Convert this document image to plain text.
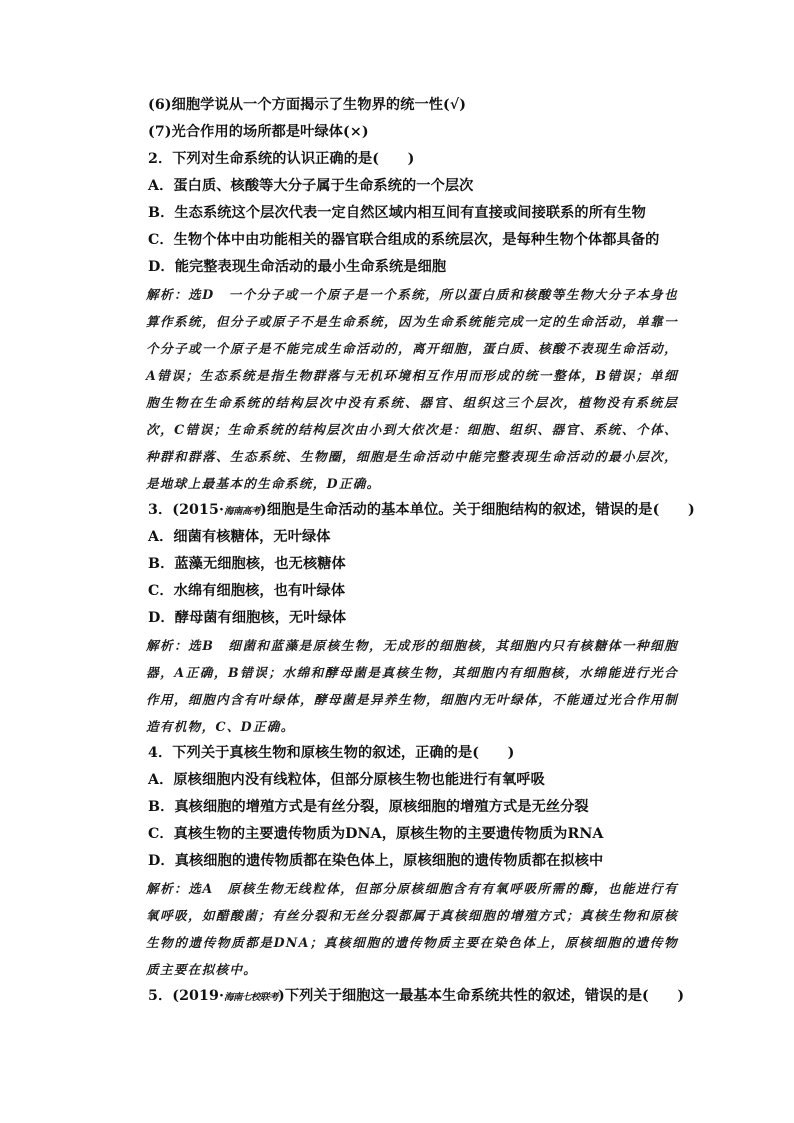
(6)细胞学说从一个方面揭示了生物界的统一性(√)
(7)光合作用的场所都是叶绿体(×)
2．下列对生命系统的认识正确的是(　　)
A．蛋白质、核酸等大分子属于生命系统的一个层次
B．生态系统这个层次代表一定自然区域内相互间有直接或间接联系的所有生物
C．生物个体中由功能相关的器官联合组成的系统层次，是每种生物个体都具备的
D．能完整表现生命活动的最小生命系统是细胞

解析：选D　一个分子或一个原子是一个系统，所以蛋白质和核酸等生物大分子本身也算作系统，但分子或原子不是生命系统，因为生命系统能完成一定的生命活动，单靠一个分子或一个原子是不能完成生命活动的，离开细胞，蛋白质、核酸不表现生命活动，A错误；生态系统是指生物群落与无机环境相互作用而形成的统一整体，B错误；单细胞生物在生命系统的结构层次中没有系统、器官、组织这三个层次，植物没有系统层次，C错误；生命系统的结构层次由小到大依次是：细胞、组织、器官、系统、个体、种群和群落、生态系统、生物圈，细胞是生命活动中能完整表现生命活动的最小层次，是地球上最基本的生命系统，D正确。

3．(2015·海南高考)细胞是生命活动的基本单位。关于细胞结构的叙述，错误的是(　　)
A．细菌有核糖体，无叶绿体
B．蓝藻无细胞核，也无核糖体
C．水绵有细胞核，也有叶绿体
D．酵母菌有细胞核，无叶绿体

解析：选B　细菌和蓝藻是原核生物，无成形的细胞核，其细胞内只有核糖体一种细胞器，A正确，B错误；水绵和酵母菌是真核生物，其细胞内有细胞核，水绵能进行光合作用，细胞内含有叶绿体，酵母菌是异养生物，细胞内无叶绿体，不能通过光合作用制造有机物，C、D正确。

4．下列关于真核生物和原核生物的叙述，正确的是(　　)
A．原核细胞内没有线粒体，但部分原核生物也能进行有氧呼吸
B．真核细胞的增殖方式是有丝分裂，原核细胞的增殖方式是无丝分裂
C．真核生物的主要遗传物质为DNA，原核生物的主要遗传物质为RNA
D．真核细胞的遗传物质都在染色体上，原核细胞的遗传物质都在拟核中

解析：选A　原核生物无线粒体，但部分原核细胞含有有氧呼吸所需的酶，也能进行有氧呼吸，如醋酸菌；有丝分裂和无丝分裂都属于真核细胞的增殖方式；真核生物和原核生物的遗传物质都是DNA；真核细胞的遗传物质主要在染色体上，原核细胞的遗传物质主要在拟核中。

5．(2019·海南七校联考)下列关于细胞这一最基本生命系统共性的叙述，错误的是(　　)
